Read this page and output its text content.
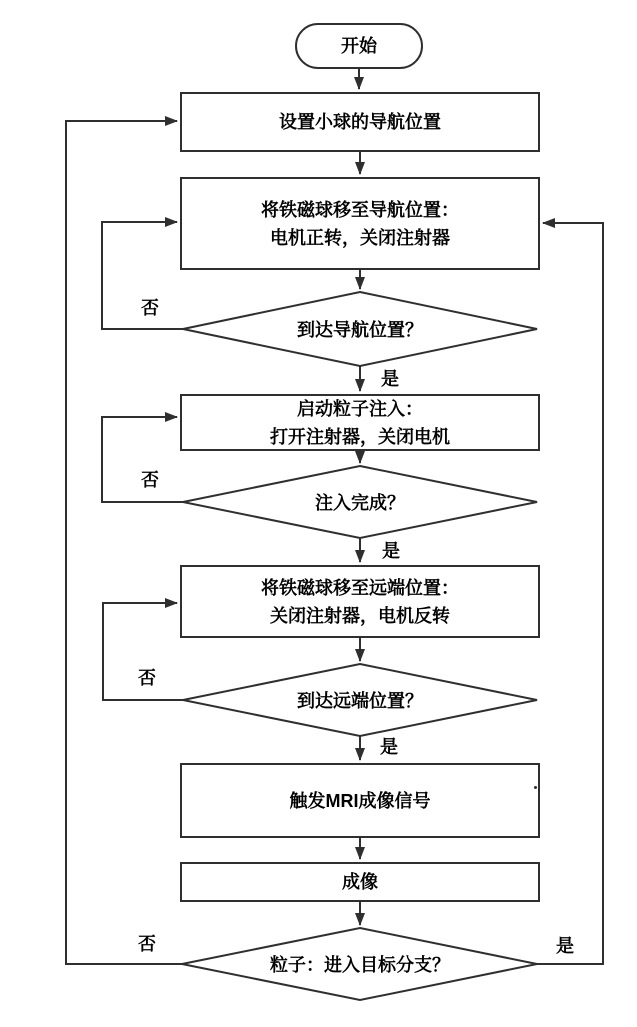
开始
设置小球的导航位置
将铁磁球移至导航位置：
电机正转，关闭注射器
启动粒子注入：
打开注射器，关闭电机
将铁磁球移至远端位置：
关闭注射器，电机反转
触发MRI成像信号
成像
到达导航位置？
注入完成？
到达远端位置？
粒子：进入目标分支？
否
是
否
是
否
是
否	是
